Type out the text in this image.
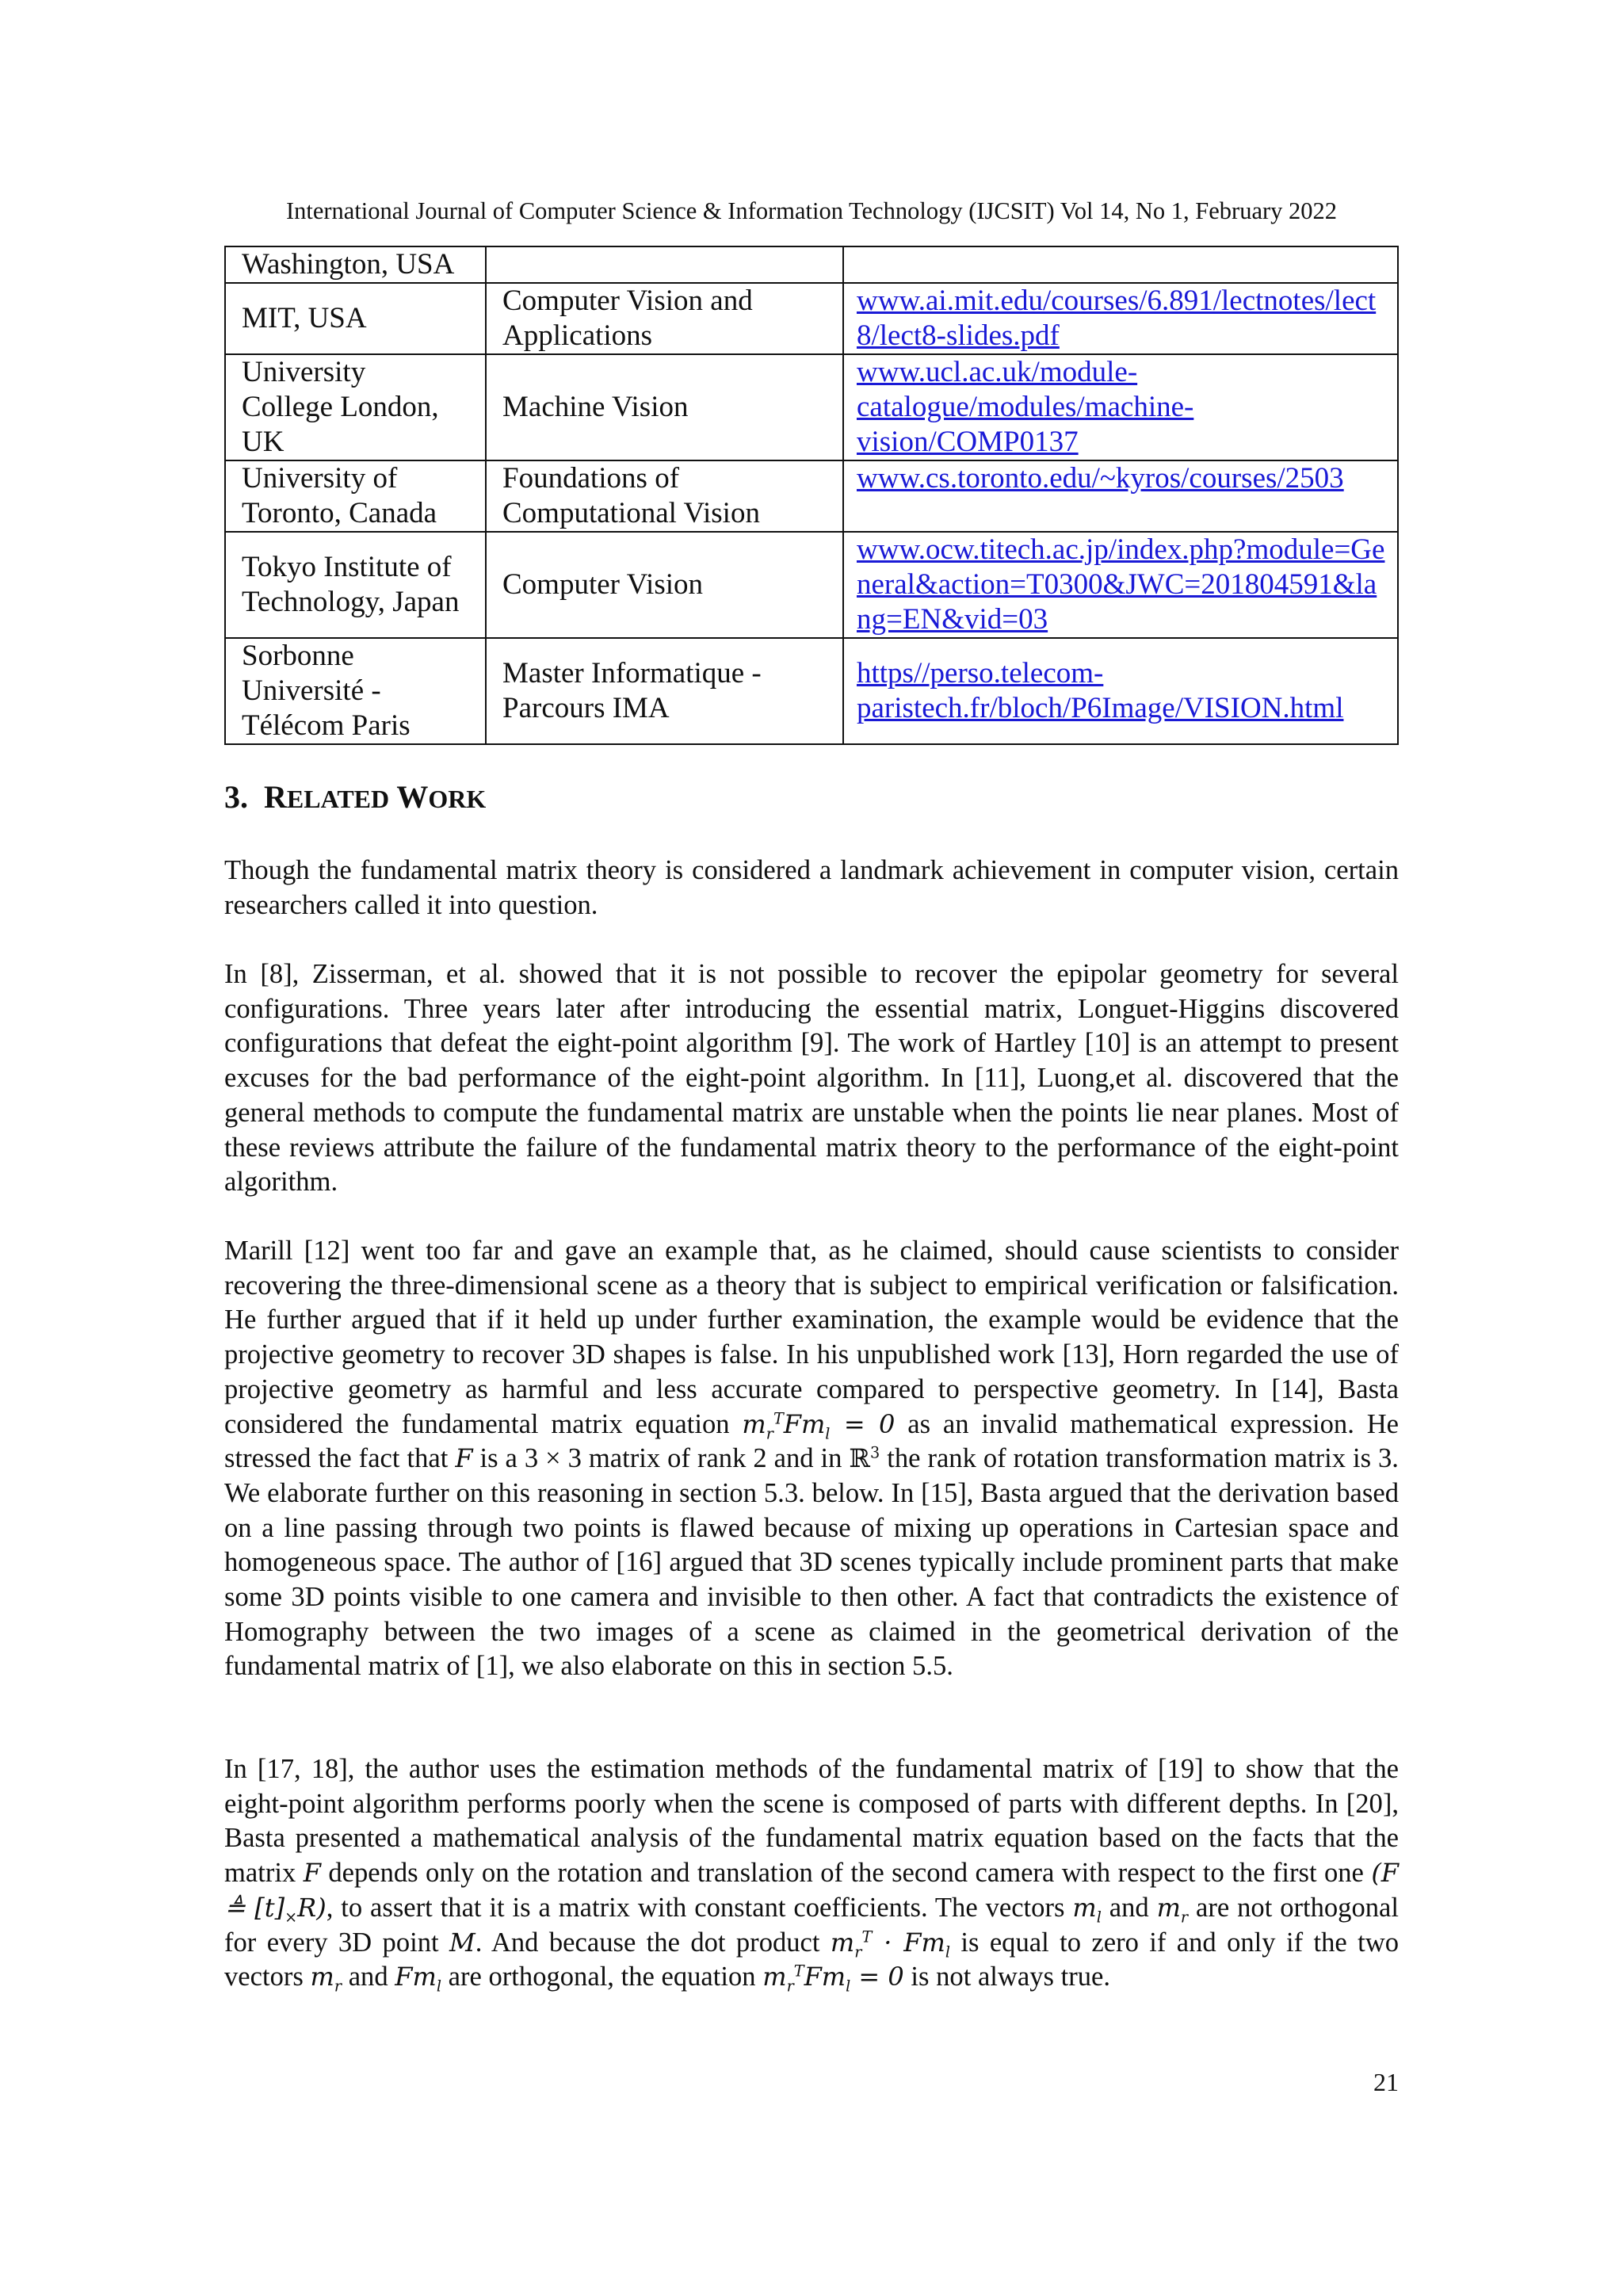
International Journal of Computer Science & Information Technology (IJCSIT) Vol 14, No 1, February 2022
Washington, USA		

MIT, USA	Computer Vision and
Applications	www.ai.mit.edu/courses/6.891/lectnotes/lect
8/lect8-slides.pdf

University
College London,
UK	Machine Vision	www.ucl.ac.uk/module-
catalogue/modules/machine-
vision/COMP0137

University of
Toronto, Canada	Foundations of
Computational Vision	www.cs.toronto.edu/~kyros/courses/2503

Tokyo Institute of
Technology, Japan	Computer Vision	www.ocw.titech.ac.jp/index.php?module=Ge
neral&action=T0300&JWC=201804591&la
ng=EN&vid=03

Sorbonne
Université -
Télécom Paris	Master Informatique -
Parcours IMA	https//perso.telecom-
paristech.fr/bloch/P6Image/VISION.html
3. RELATED WORK
Though the fundamental matrix theory is considered a landmark achievement in computer vision, certain researchers called it into question.
In [8], Zisserman, et al. showed that it is not possible to recover the epipolar geometry for several configurations. Three years later after introducing the essential matrix, Longuet-Higgins discovered configurations that defeat the eight-point algorithm [9]. The work of Hartley [10] is an attempt to present excuses for the bad performance of the eight-point algorithm. In [11], Luong,et al. discovered that the general methods to compute the fundamental matrix are unstable when the points lie near planes. Most of these reviews attribute the failure of the fundamental matrix theory to the performance of the eight-point algorithm.
Marill [12] went too far and gave an example that, as he claimed, should cause scientists to consider recovering the three-dimensional scene as a theory that is subject to empirical verification or falsification. He further argued that if it held up under further examination, the example would be evidence that the projective geometry to recover 3D shapes is false. In his unpublished work [13], Horn regarded the use of projective geometry as harmful and less accurate compared to perspective geometry. In [14], Basta considered the fundamental matrix equation $m_r^TFm_l = 0$ as an invalid mathematical expression. He stressed the fact that F is a 3 × 3 matrix of rank 2 and in ℝ$^3$ the rank of rotation transformation matrix is 3. We elaborate further on this reasoning in section 5.3. below. In [15], Basta argued that the derivation based on a line passing through two points is flawed because of mixing up operations in Cartesian space and homogeneous space. The author of [16] argued that 3D scenes typically include prominent parts that make some 3D points visible to one camera and invisible to then other. A fact that contradicts the existence of Homography between the two images of a scene as claimed in the geometrical derivation of the fundamental matrix of [1], we also elaborate on this in section 5.5.
In [17, 18], the author uses the estimation methods of the fundamental matrix of [19] to show that the eight-point algorithm performs poorly when the scene is composed of parts with different depths. In [20], Basta presented a mathematical analysis of the fundamental matrix equation based on the facts that the matrix F depends only on the rotation and translation of the second camera with respect to the first one (F ≜ $[t]_\times R$), to assert that it is a matrix with constant coefficients. The vectors $m_l$ and $m_r$ are not orthogonal for every 3D point M. And because the dot product $m_r^T \cdot Fm_l$ is equal to zero if and only if the two vectors $m_r$ and $Fm_l$ are orthogonal, the equation $m_r^TFm_l = 0$ is not always true.
21
